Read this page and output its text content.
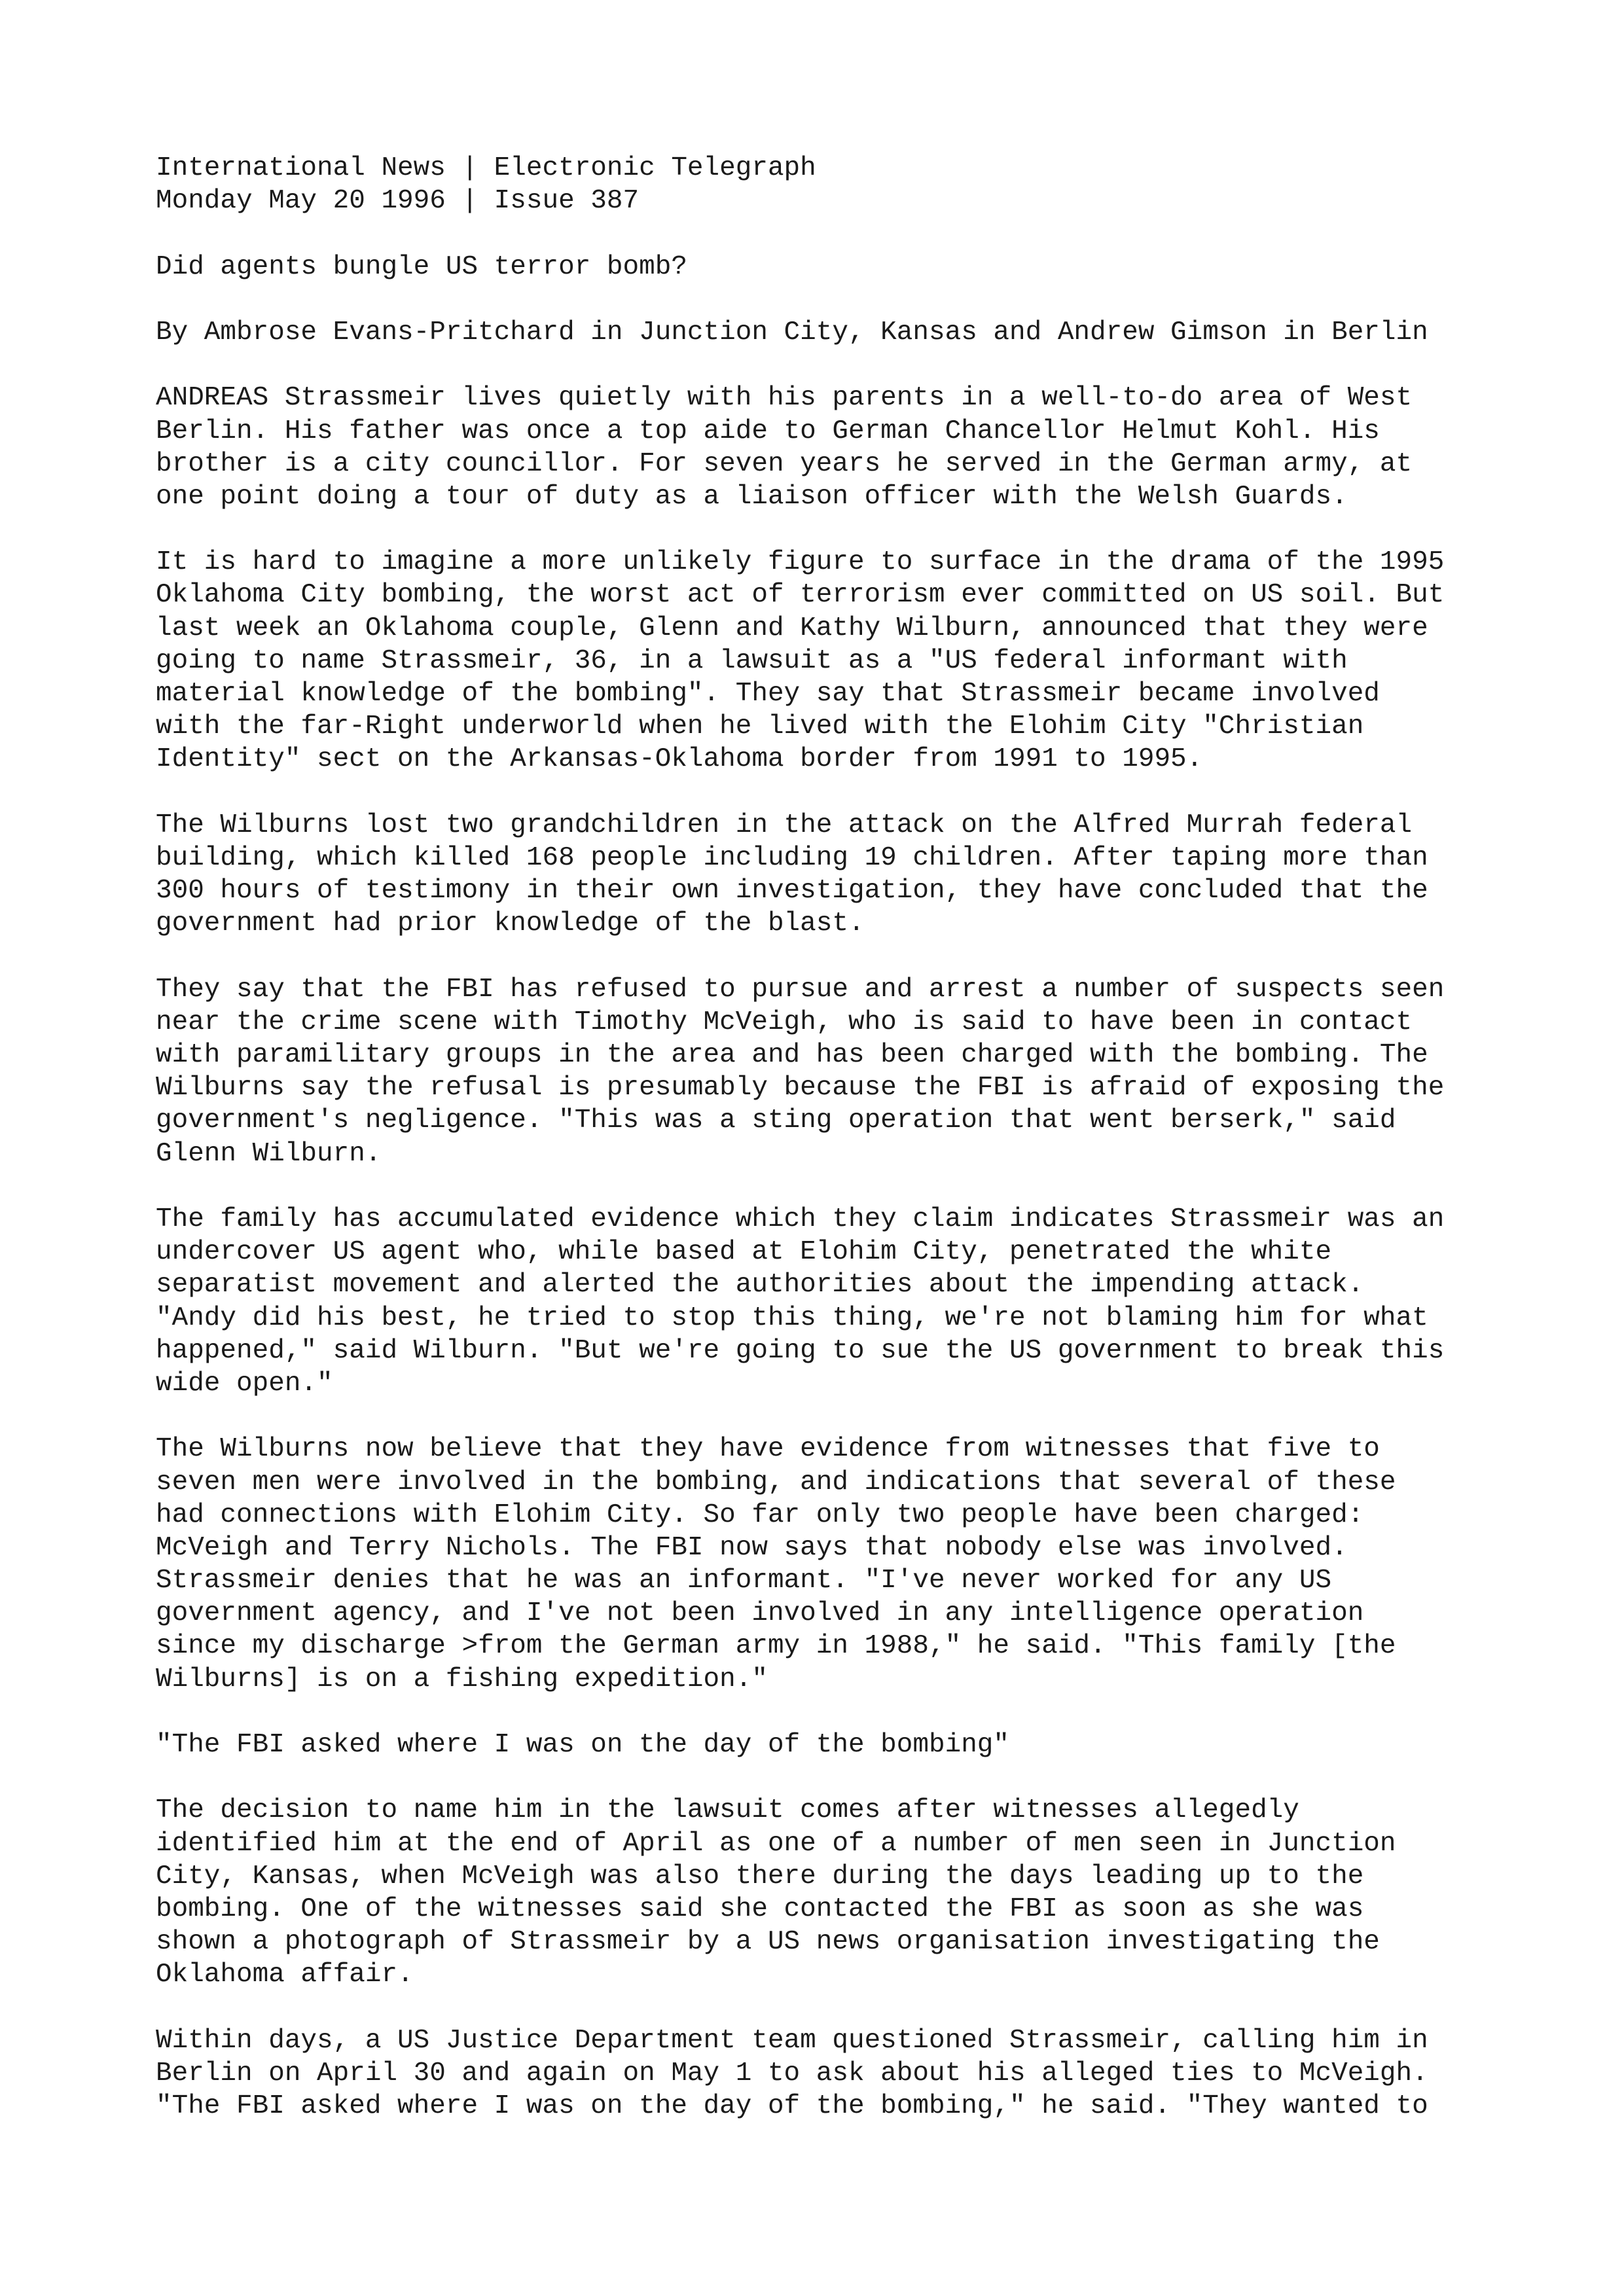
International News | Electronic Telegraph
Monday May 20 1996 | Issue 387
Did agents bungle US terror bomb?
By Ambrose Evans-Pritchard in Junction City, Kansas and Andrew Gimson in Berlin
ANDREAS Strassmeir lives quietly with his parents in a well-to-do area of West
Berlin. His father was once a top aide to German Chancellor Helmut Kohl. His
brother is a city councillor. For seven years he served in the German army, at
one point doing a tour of duty as a liaison officer with the Welsh Guards.
It is hard to imagine a more unlikely figure to surface in the drama of the 1995
Oklahoma City bombing, the worst act of terrorism ever committed on US soil. But
last week an Oklahoma couple, Glenn and Kathy Wilburn, announced that they were
going to name Strassmeir, 36, in a lawsuit as a "US federal informant with
material knowledge of the bombing". They say that Strassmeir became involved
with the far-Right underworld when he lived with the Elohim City "Christian
Identity" sect on the Arkansas-Oklahoma border from 1991 to 1995.
The Wilburns lost two grandchildren in the attack on the Alfred Murrah federal
building, which killed 168 people including 19 children. After taping more than
300 hours of testimony in their own investigation, they have concluded that the
government had prior knowledge of the blast.
They say that the FBI has refused to pursue and arrest a number of suspects seen
near the crime scene with Timothy McVeigh, who is said to have been in contact
with paramilitary groups in the area and has been charged with the bombing. The
Wilburns say the refusal is presumably because the FBI is afraid of exposing the
government's negligence. "This was a sting operation that went berserk," said
Glenn Wilburn.
The family has accumulated evidence which they claim indicates Strassmeir was an
undercover US agent who, while based at Elohim City, penetrated the white
separatist movement and alerted the authorities about the impending attack.
"Andy did his best, he tried to stop this thing, we're not blaming him for what
happened," said Wilburn. "But we're going to sue the US government to break this
wide open."
The Wilburns now believe that they have evidence from witnesses that five to
seven men were involved in the bombing, and indications that several of these
had connections with Elohim City. So far only two people have been charged:
McVeigh and Terry Nichols. The FBI now says that nobody else was involved.
Strassmeir denies that he was an informant. "I've never worked for any US
government agency, and I've not been involved in any intelligence operation
since my discharge >from the German army in 1988," he said. "This family [the
Wilburns] is on a fishing expedition."
"The FBI asked where I was on the day of the bombing"
The decision to name him in the lawsuit comes after witnesses allegedly
identified him at the end of April as one of a number of men seen in Junction
City, Kansas, when McVeigh was also there during the days leading up to the
bombing. One of the witnesses said she contacted the FBI as soon as she was
shown a photograph of Strassmeir by a US news organisation investigating the
Oklahoma affair.
Within days, a US Justice Department team questioned Strassmeir, calling him in
Berlin on April 30 and again on May 1 to ask about his alleged ties to McVeigh.
"The FBI asked where I was on the day of the bombing," he said. "They wanted to
